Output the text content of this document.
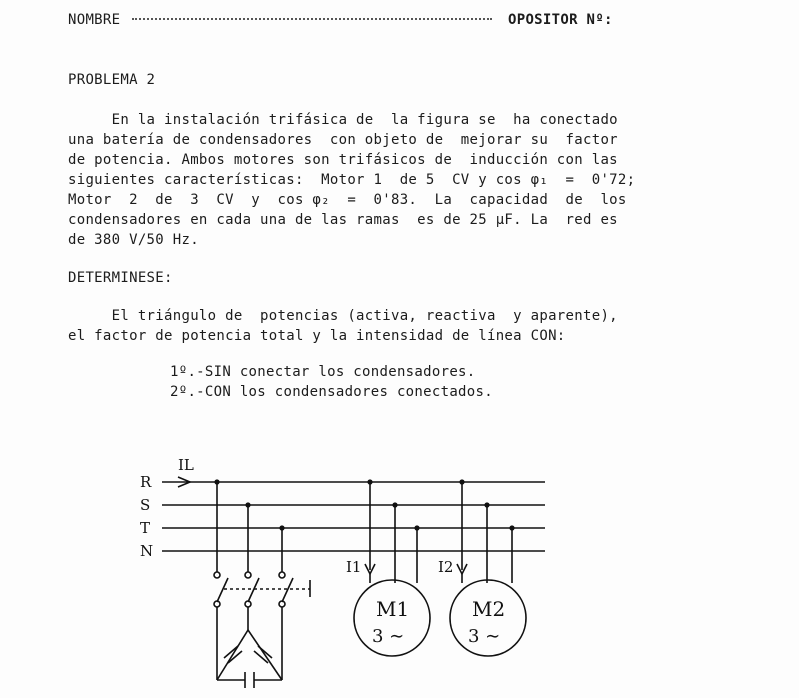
NOMBRE	OPOSITOR Nº:
PROBLEMA 2
En la instalación trifásica de  la figura se  ha conectado
una batería de condensadores  con objeto de  mejorar su  factor
de potencia. Ambos motores son trifásicos de  inducción con las
siguientes características:  Motor 1  de 5  CV y cos φ₁  =  0'72;
Motor  2  de  3  CV  y  cos φ₂  =  0'83.  La  capacidad  de  los
condensadores en cada una de las ramas  es de 25 μF. La  red es
de 380 V/50 Hz.
DETERMINESE:
El triángulo de  potencias (activa, reactiva  y aparente),
el factor de potencia total y la intensidad de línea CON:
1º.-SIN conectar los condensadores.
2º.-CON los condensadores conectados.
R
S
T
N
IL
I1	I2
M1	M2
3 ∼	3 ∼
